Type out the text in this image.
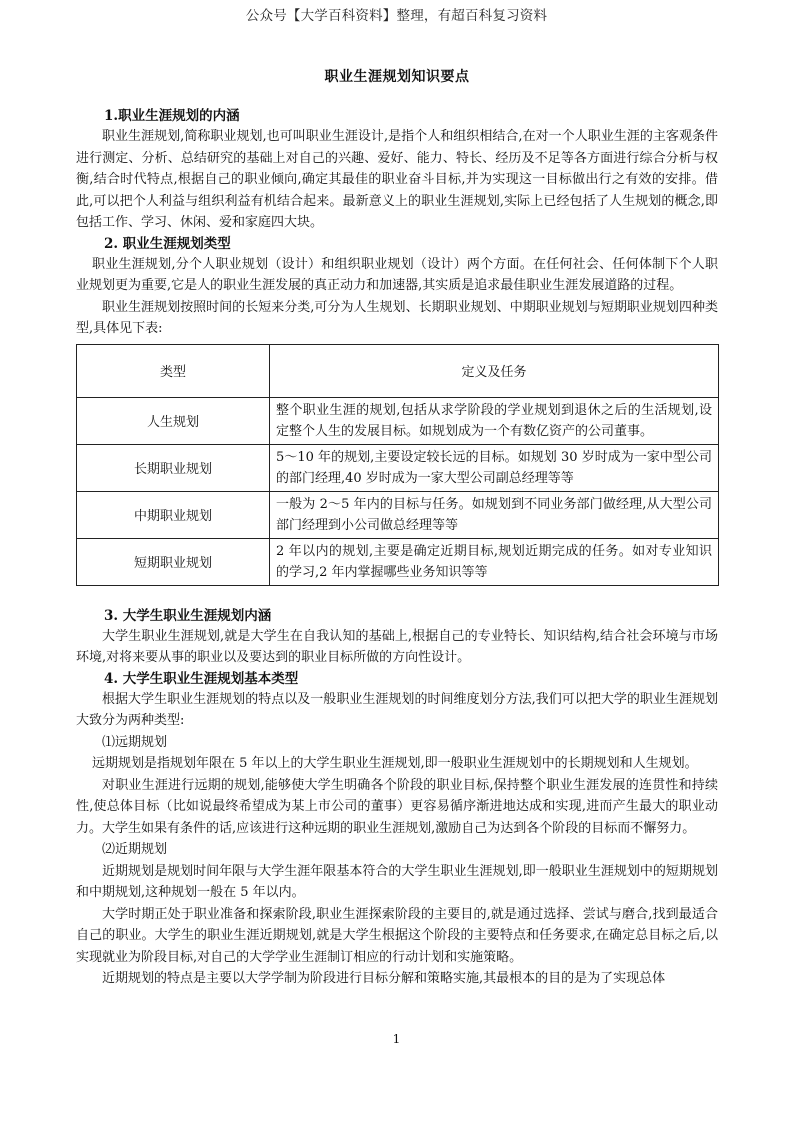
公众号【大学百科资料】整理，有超百科复习资料

职业生涯规划知识要点

1.职业生涯规划的内涵

职业生涯规划,简称职业规划,也可叫职业生涯设计,是指个人和组织相结合,在对一个人职业生涯的主客观条件进行测定、分析、总结研究的基础上对自己的兴趣、爱好、能力、特长、经历及不足等各方面进行综合分析与权衡,结合时代特点,根据自己的职业倾向,确定其最佳的职业奋斗目标,并为实现这一目标做出行之有效的安排。借此,可以把个人利益与组织利益有机结合起来。最新意义上的职业生涯规划,实际上已经包括了人生规划的概念,即包括工作、学习、休闲、爱和家庭四大块。

2. 职业生涯规划类型

职业生涯规划,分个人职业规划（设计）和组织职业规划（设计）两个方面。在任何社会、任何体制下个人职业规划更为重要,它是人的职业生涯发展的真正动力和加速器,其实质是追求最佳职业生涯发展道路的过程。

职业生涯规划按照时间的长短来分类,可分为人生规划、长期职业规划、中期职业规划与短期职业规划四种类型,具体见下表:

类型	定义及任务
人生规划	整个职业生涯的规划,包括从求学阶段的学业规划到退休之后的生活规划,设定整个人生的发展目标。如规划成为一个有数亿资产的公司董事。
长期职业规划	5～10 年的规划,主要设定较长远的目标。如规划 30 岁时成为一家中型公司的部门经理,40 岁时成为一家大型公司副总经理等等
中期职业规划	一般为 2～5 年内的目标与任务。如规划到不同业务部门做经理,从大型公司部门经理到小公司做总经理等等
短期职业规划	2 年以内的规划,主要是确定近期目标,规划近期完成的任务。如对专业知识的学习,2 年内掌握哪些业务知识等等

3. 大学生职业生涯规划内涵

大学生职业生涯规划,就是大学生在自我认知的基础上,根据自己的专业特长、知识结构,结合社会环境与市场环境,对将来要从事的职业以及要达到的职业目标所做的方向性设计。

4. 大学生职业生涯规划基本类型

根据大学生职业生涯规划的特点以及一般职业生涯规划的时间维度划分方法,我们可以把大学的职业生涯规划大致分为两种类型:

⑴远期规划

远期规划是指规划年限在 5 年以上的大学生职业生涯规划,即一般职业生涯规划中的长期规划和人生规划。

对职业生涯进行远期的规划,能够使大学生明确各个阶段的职业目标,保持整个职业生涯发展的连贯性和持续性,使总体目标（比如说最终希望成为某上市公司的董事）更容易循序渐进地达成和实现,进而产生最大的职业动力。大学生如果有条件的话,应该进行这种远期的职业生涯规划,激励自己为达到各个阶段的目标而不懈努力。

⑵近期规划

近期规划是规划时间年限与大学生涯年限基本符合的大学生职业生涯规划,即一般职业生涯规划中的短期规划和中期规划,这种规划一般在 5 年以内。

大学时期正处于职业准备和探索阶段,职业生涯探索阶段的主要目的,就是通过选择、尝试与磨合,找到最适合自己的职业。大学生的职业生涯近期规划,就是大学生根据这个阶段的主要特点和任务要求,在确定总目标之后,以实现就业为阶段目标,对自己的大学学业生涯制订相应的行动计划和实施策略。

近期规划的特点是主要以大学学制为阶段进行目标分解和策略实施,其最根本的目的是为了实现总体

1
